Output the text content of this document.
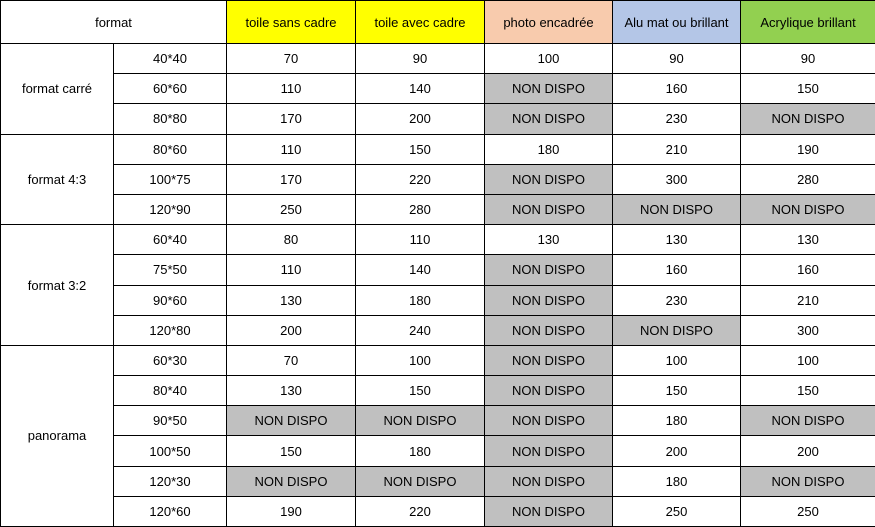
format		toile sans cadre	toile avec cadre	photo encadrée	Alu mat ou brillant	Acrylique brillant
format carré	40*40	70	90	100	90	90
	60*60	110	140	NON DISPO	160	150
	80*80	170	200	NON DISPO	230	NON DISPO
format 4:3	80*60	110	150	180	210	190
	100*75	170	220	NON DISPO	300	280
	120*90	250	280	NON DISPO	NON DISPO	NON DISPO
format 3:2	60*40	80	110	130	130	130
	75*50	110	140	NON DISPO	160	160
	90*60	130	180	NON DISPO	230	210
	120*80	200	240	NON DISPO	NON DISPO	300
panorama	60*30	70	100	NON DISPO	100	100
	80*40	130	150	NON DISPO	150	150
	90*50	NON DISPO	NON DISPO	NON DISPO	180	NON DISPO
	100*50	150	180	NON DISPO	200	200
	120*30	NON DISPO	NON DISPO	NON DISPO	180	NON DISPO
	120*60	190	220	NON DISPO	250	250
